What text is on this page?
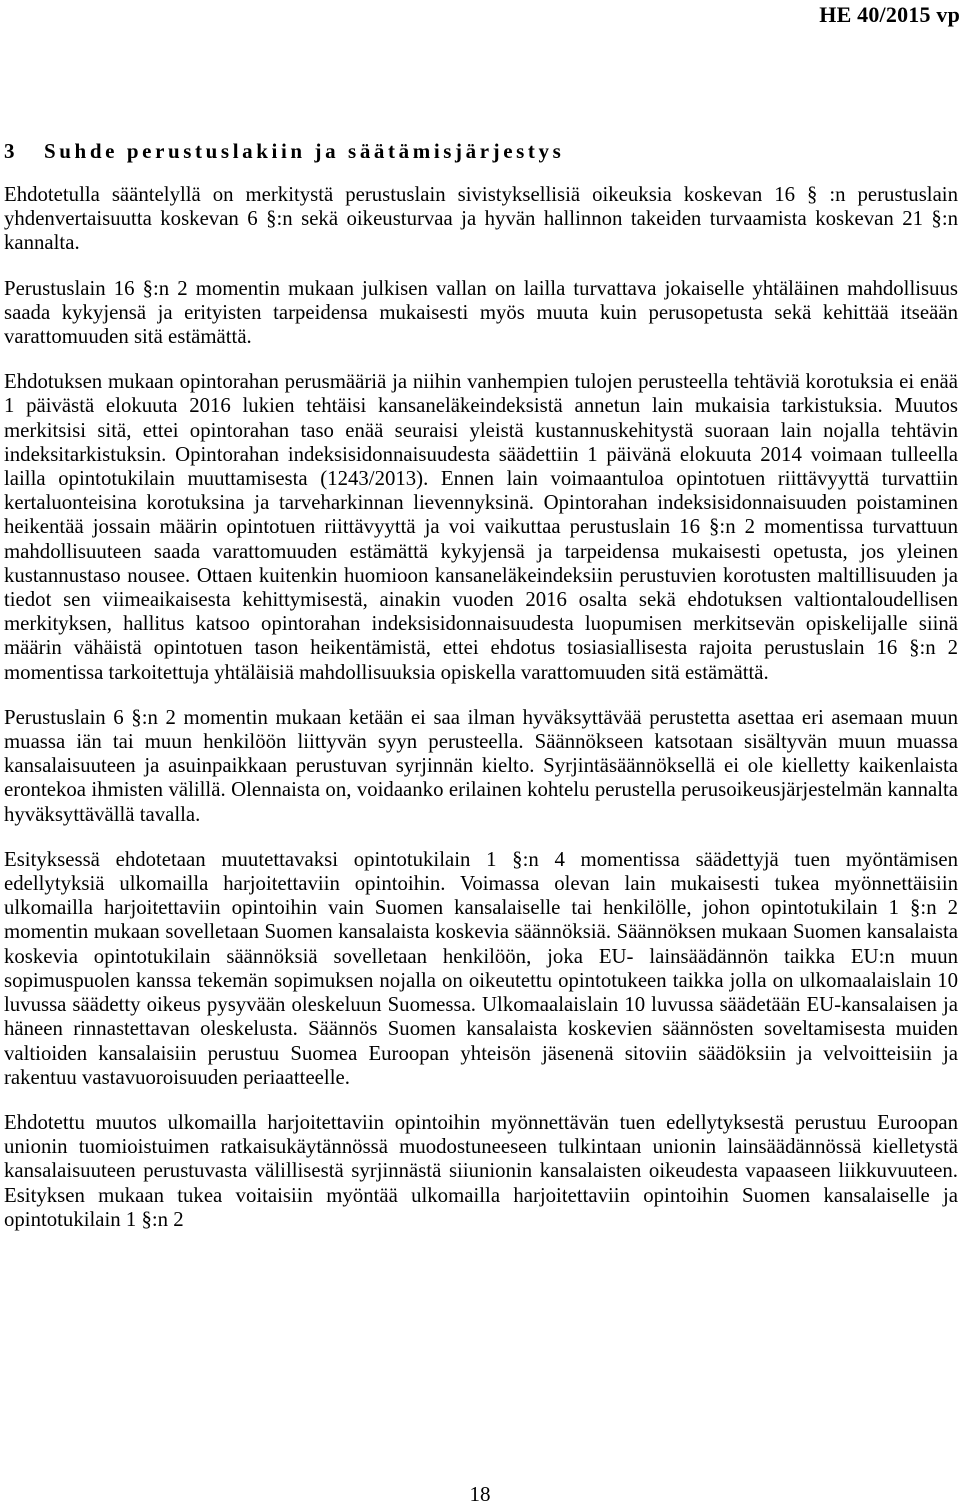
HE 40/2015 vp
3 Suhde perustuslakiin ja säätämisjärjestys

Ehdotetulla sääntelyllä on merkitystä perustuslain sivistyksellisiä oikeuksia koskevan 16 § :n perustuslain yhdenvertaisuutta koskevan 6 §:n sekä oikeusturvaa ja hyvän hallinnon takeiden turvaamista koskevan 21 §:n kannalta.

Perustuslain 16 §:n 2 momentin mukaan julkisen vallan on lailla turvattava jokaiselle yhtäläinen mahdollisuus saada kykyjensä ja erityisten tarpeidensa mukaisesti myös muuta kuin perusopetusta sekä kehittää itseään varattomuuden sitä estämättä.

Ehdotuksen mukaan opintorahan perusmääriä ja niihin vanhempien tulojen perusteella tehtäviä korotuksia ei enää 1 päivästä elokuuta 2016 lukien tehtäisi kansaneläkeindeksistä annetun lain mukaisia tarkistuksia. Muutos merkitsisi sitä, ettei opintorahan taso enää seuraisi yleistä kustannuskehitystä suoraan lain nojalla tehtävin indeksitarkistuksin. Opintorahan indeksisidonnaisuudesta säädettiin 1 päivänä elokuuta 2014 voimaan tulleella lailla opintotukilain muuttamisesta (1243/2013). Ennen lain voimaantuloa opintotuen riittävyyttä turvattiin kertaluonteisina korotuksina ja tarveharkinnan lievennyksinä. Opintorahan indeksisidonnaisuuden poistaminen heikentää jossain määrin opintotuen riittävyyttä ja voi vaikuttaa perustuslain 16 §:n 2 momentissa turvattuun mahdollisuuteen saada varattomuuden estämättä kykyjensä ja tarpeidensa mukaisesti opetusta, jos yleinen kustannustaso nousee. Ottaen kuitenkin huomioon kansaneläkeindeksiin perustuvien korotusten maltillisuuden ja tiedot sen viimeaikaisesta kehittymisestä, ainakin vuoden 2016 osalta sekä ehdotuksen valtiontaloudellisen merkityksen, hallitus katsoo opintorahan indeksisidonnaisuudesta luopumisen merkitsevän opiskelijalle siinä määrin vähäistä opintotuen tason heikentämistä, ettei ehdotus tosiasiallisesta rajoita perustuslain 16 §:n 2 momentissa tarkoitettuja yhtäläisiä mahdollisuuksia opiskella varattomuuden sitä estämättä.

Perustuslain 6 §:n 2 momentin mukaan ketään ei saa ilman hyväksyttävää perustetta asettaa eri asemaan muun muassa iän tai muun henkilöön liittyvän syyn perusteella. Säännökseen katsotaan sisältyvän muun muassa kansalaisuuteen ja asuinpaikkaan perustuvan syrjinnän kielto. Syrjintäsäännöksellä ei ole kielletty kaikenlaista erontekoa ihmisten välillä. Olennaista on, voidaanko erilainen kohtelu perustella perusoikeusjärjestelmän kannalta hyväksyttävällä tavalla.

Esityksessä ehdotetaan muutettavaksi opintotukilain 1 §:n 4 momentissa säädettyjä tuen myöntämisen edellytyksiä ulkomailla harjoitettaviin opintoihin. Voimassa olevan lain mukaisesti tukea myönnettäisiin ulkomailla harjoitettaviin opintoihin vain Suomen kansalaiselle tai henkilölle, johon opintotukilain 1 §:n 2 momentin mukaan sovelletaan Suomen kansalaista koskevia säännöksiä. Säännöksen mukaan Suomen kansalaista koskevia opintotukilain säännöksiä sovelletaan henkilöön, joka EU- lainsäädännön taikka EU:n muun sopimuspuolen kanssa tekemän sopimuksen nojalla on oikeutettu opintotukeen taikka jolla on ulkomaalaislain 10 luvussa säädetty oikeus pysyvään oleskeluun Suomessa. Ulkomaalaislain 10 luvussa säädetään EU-kansalaisen ja häneen rinnastettavan oleskelusta. Säännös Suomen kansalaista koskevien säännösten soveltamisesta muiden valtioiden kansalaisiin perustuu Suomea Euroopan yhteisön jäsenenä sitoviin säädöksiin ja velvoitteisiin ja rakentuu vastavuoroisuuden periaatteelle.

Ehdotettu muutos ulkomailla harjoitettaviin opintoihin myönnettävän tuen edellytyksestä perustuu Euroopan unionin tuomioistuimen ratkaisukäytännössä muodostuneeseen tulkintaan unionin lainsäädännössä kielletystä kansalaisuuteen perustuvasta välillisestä syrjinnästä siiunionin kansalaisten oikeudesta vapaaseen liikkuvuuteen. Esityksen mukaan tukea voitaisiin myöntää ulkomailla harjoitettaviin opintoihin Suomen kansalaiselle ja opintotukilain 1 §:n 2

18
